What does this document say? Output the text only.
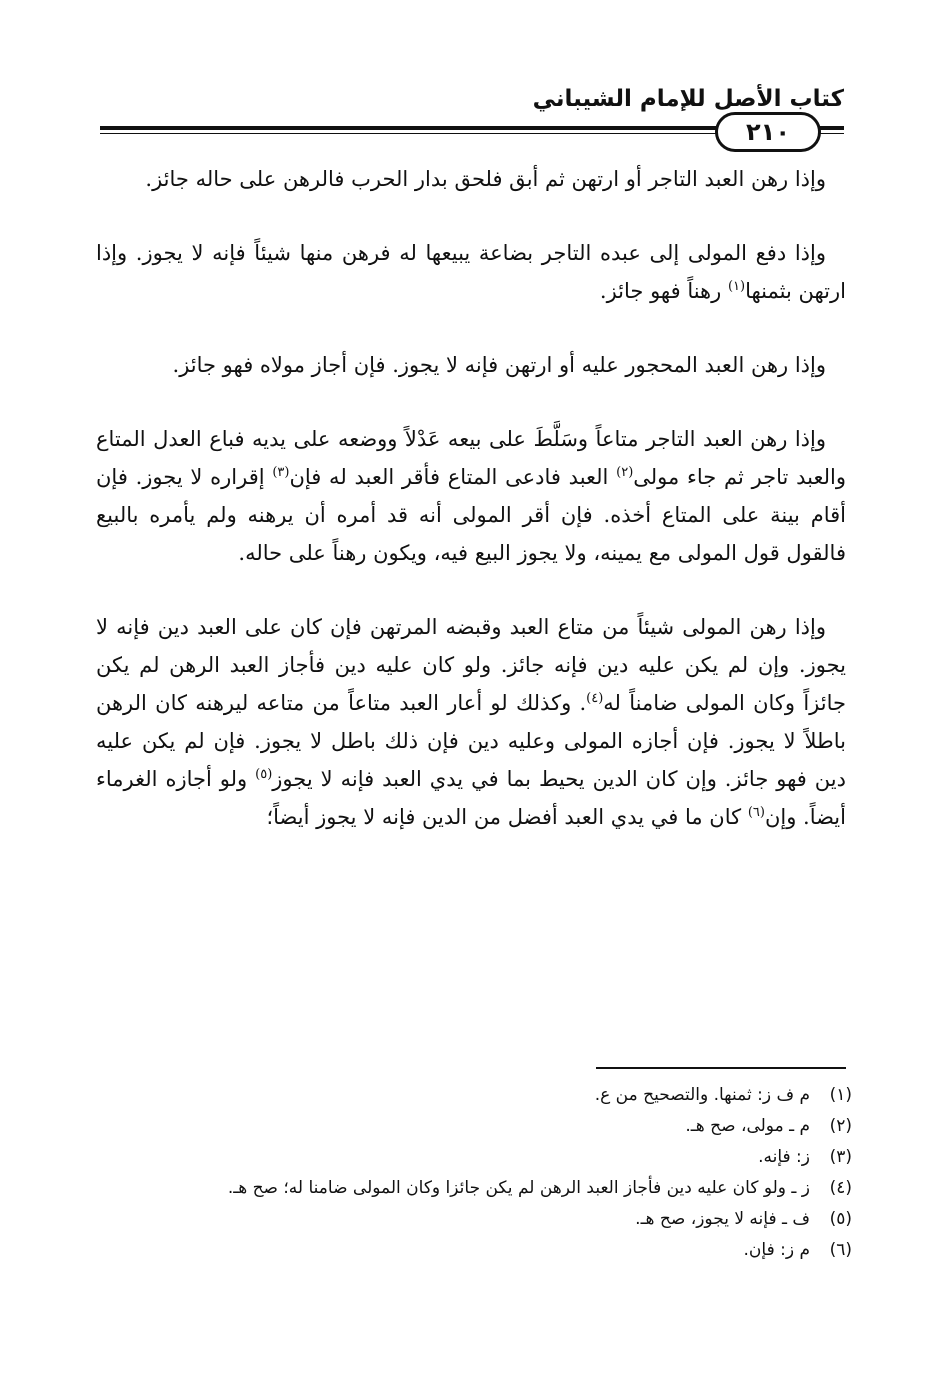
كتاب الأصل للإمام الشيباني
٢١٠

وإذا رهن العبد التاجر أو ارتهن ثم أبق فلحق بدار الحرب فالرهن على حاله جائز.

وإذا دفع المولى إلى عبده التاجر بضاعة يبيعها له فرهن منها شيئاً فإنه لا يجوز. وإذا ارتهن بثمنها$^{(١)}$ رهناً فهو جائز.

وإذا رهن العبد المحجور عليه أو ارتهن فإنه لا يجوز. فإن أجاز مولاه فهو جائز.

وإذا رهن العبد التاجر متاعاً وسَلَّطَ على بيعه عَدْلاً ووضعه على يديه فباع العدل المتاع والعبد تاجر ثم جاء مولى$^{(٢)}$ العبد فادعى المتاع فأقر العبد له فإن$^{(٣)}$ إقراره لا يجوز. فإن أقام بينة على المتاع أخذه. فإن أقر المولى أنه قد أمره أن يرهنه ولم يأمره بالبيع فالقول قول المولى مع يمينه، ولا يجوز البيع فيه، ويكون رهناً على حاله.

وإذا رهن المولى شيئاً من متاع العبد وقبضه المرتهن فإن كان على العبد دين فإنه لا يجوز. وإن لم يكن عليه دين فإنه جائز. ولو كان عليه دين فأجاز العبد الرهن لم يكن جائزاً وكان المولى ضامناً له$^{(٤)}$. وكذلك لو أعار العبد متاعاً من متاعه ليرهنه كان الرهن باطلاً لا يجوز. فإن أجازه المولى وعليه دين فإن ذلك باطل لا يجوز. فإن لم يكن عليه دين فهو جائز. وإن كان الدين يحيط بما في يدي العبد فإنه لا يجوز$^{(٥)}$ ولو أجازه الغرماء أيضاً. وإن$^{(٦)}$ كان ما في يدي العبد أفضل من الدين فإنه لا يجوز أيضاً؛

(١)
م ف ز: ثمنها. والتصحيح من ع.
(٢)
م ـ مولى، صح هـ.
(٣)
ز: فإنه.
(٤)
ز ـ ولو كان عليه دين فأجاز العبد الرهن لم يكن جائزا وكان المولى ضامنا له؛ صح هـ.
(٥)
ف ـ فإنه لا يجوز، صح هـ.
(٦)
م ز: فإن.
